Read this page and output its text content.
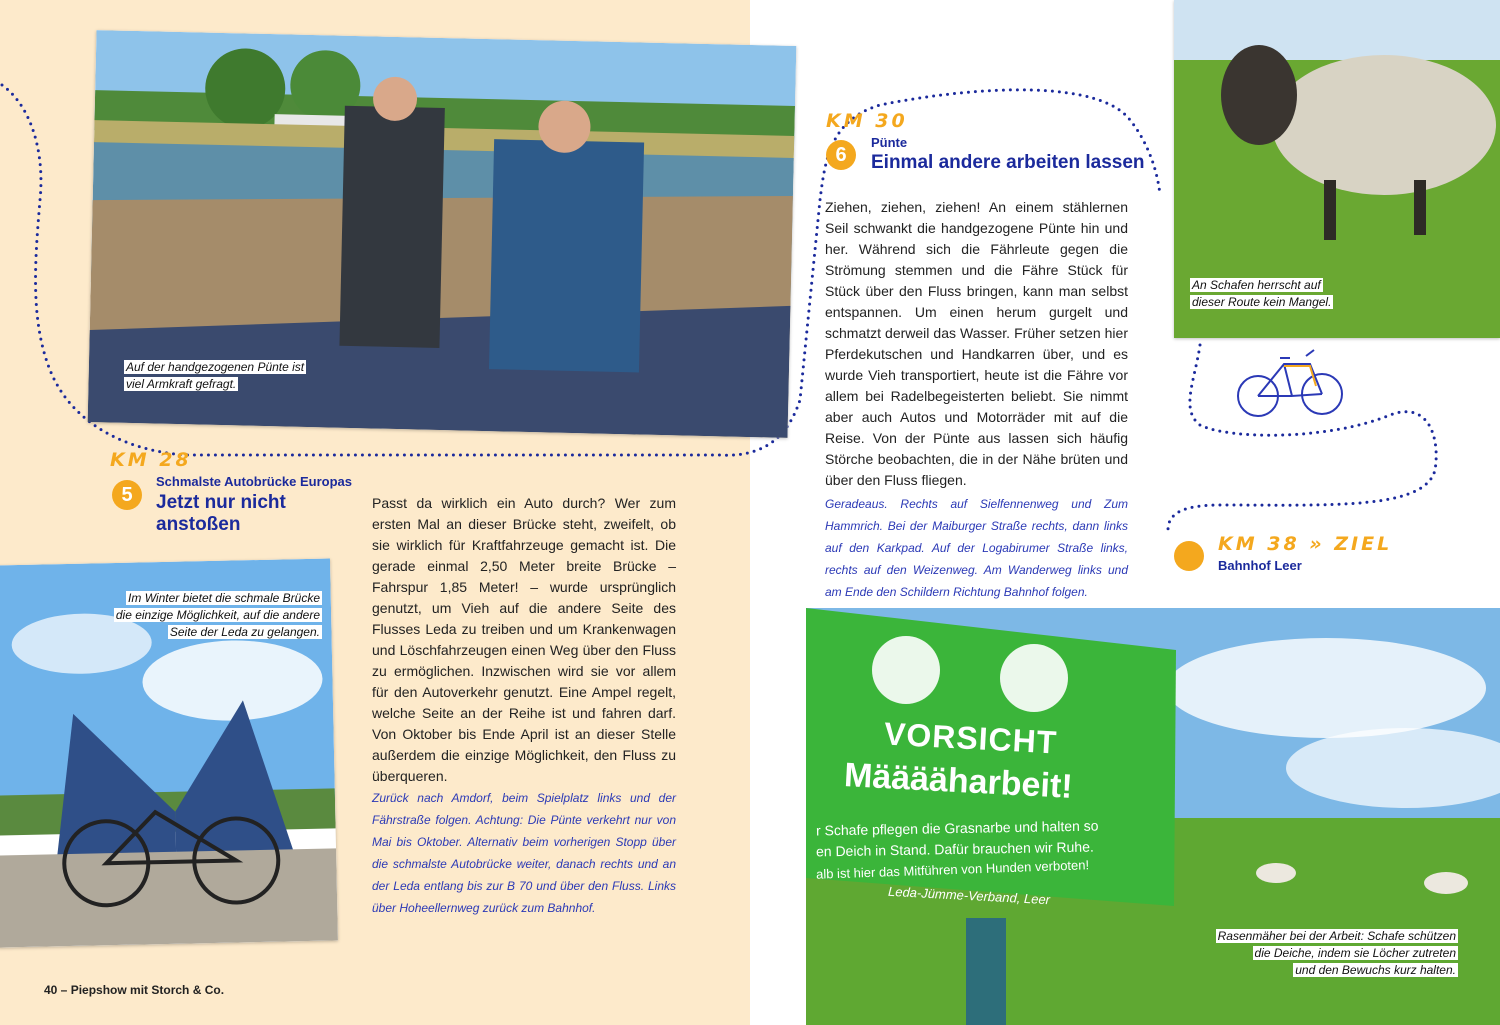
Auf der handgezogenen Pünte ist
viel Armkraft gefragt.
Im Winter bietet die schmale Brücke
die einzige Möglichkeit, auf die andere
Seite der Leda zu gelangen.
KM 28
5
Schmalste Autobrücke Europas
Jetzt nur nicht
anstoßen
Passt da wirklich ein Auto durch? Wer zum ersten Mal an dieser Brücke steht, zweifelt, ob sie wirklich für Kraftfahrzeuge gemacht ist. Die gerade einmal 2,50 Meter breite Brücke – Fahrspur 1,85 Meter! – wurde ursprünglich genutzt, um Vieh auf die andere Seite des Flusses Leda zu treiben und um Krankenwagen und Löschfahrzeugen einen Weg über den Fluss zu ermöglichen. Inzwischen wird sie vor allem für den Autoverkehr genutzt. Eine Ampel regelt, welche Seite an der Reihe ist und fahren darf. Von Oktober bis Ende April ist an dieser Stelle außerdem die einzige Möglichkeit, den Fluss zu überqueren.
Zurück nach Amdorf, beim Spielplatz links und der Fährstraße folgen. Achtung: Die Pünte verkehrt nur von Mai bis Oktober. Alternativ beim vorherigen Stopp über die schmalste Autobrücke weiter, danach rechts und an der Leda entlang bis zur B 70 und über den Fluss. Links über Hoheellernweg zurück zum Bahnhof.
40 – Piepshow mit Storch & Co.
KM 30
6
Pünte
Einmal andere arbeiten lassen
Ziehen, ziehen, ziehen! An einem stählernen Seil schwankt die handgezogene Pünte hin und her. Während sich die Fährleute gegen die Strömung stemmen und die Fähre Stück für Stück über den Fluss bringen, kann man selbst entspannen. Um einen herum gurgelt und schmatzt derweil das Wasser. Früher setzen hier Pferdekutschen und Handkarren über, und es wurde Vieh transportiert, heute ist die Fähre vor allem bei Radelbegeisterten beliebt. Sie nimmt aber auch Autos und Motorräder mit auf die Reise. Von der Pünte aus lassen sich häufig Störche beobachten, die in der Nähe brüten und über den Fluss fliegen.
Geradeaus. Rechts auf Sielfennenweg und Zum Hammrich. Bei der Maiburger Straße rechts, dann links auf den Karkpad. Auf der Logabirumer Straße links, rechts auf den Weizenweg. Am Wanderweg links und am Ende den Schildern Richtung Bahnhof folgen.
An Schafen herrscht auf
dieser Route kein Mangel.
KM 38 » ZIEL
Bahnhof Leer
VORSICHT
Määääharbeit!
r Schafe pflegen die Grasnarbe und halten so
en Deich in Stand. Dafür brauchen wir Ruhe.
alb ist hier das Mitführen von Hunden verboten!
Leda-Jümme-Verband, Leer
Rasenmäher bei der Arbeit: Schafe schützen
die Deiche, indem sie Löcher zutreten
und den Bewuchs kurz halten.
